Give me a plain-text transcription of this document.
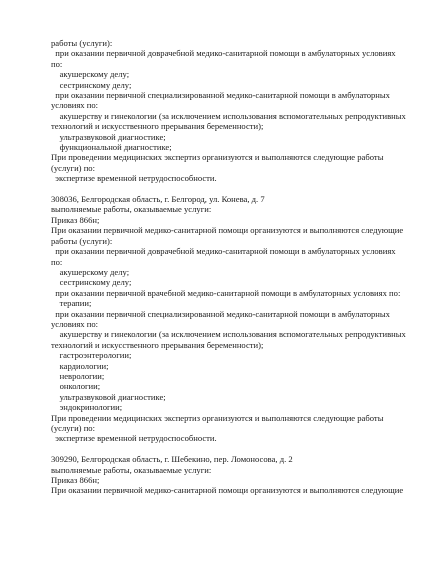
работы (услуги):
при оказании первичной доврачебной медико-санитарной помощи в амбулаторных условиях
по:
акушерскому делу;
сестринскому делу;
при оказании первичной специализированной медико-санитарной помощи в амбулаторных
условиях по:
акушерству и гинекологии (за исключением использования вспомогательных репродуктивных
технологий и искусственного прерывания беременности);
ультразвуковой диагностике;
функциональной диагностике;
При проведении медицинских экспертиз организуются и выполняются следующие работы
(услуги) по:
экспертизе временной нетрудоспособности.
308036, Белгородская область, г. Белгород, ул. Конева, д. 7
выполняемые работы, оказываемые услуги:
Приказ 866н;
При оказании первичной медико-санитарной помощи организуются и выполняются следующие
работы (услуги):
при оказании первичной доврачебной медико-санитарной помощи в амбулаторных условиях
по:
акушерскому делу;
сестринскому делу;
при оказании первичной врачебной медико-санитарной помощи в амбулаторных условиях по:
терапии;
при оказании первичной специализированной медико-санитарной помощи в амбулаторных
условиях по:
акушерству и гинекологии (за исключением использования вспомогательных репродуктивных
технологий и искусственного прерывания беременности);
гастроэнтерологии;
кардиологии;
неврологии;
онкологии;
ультразвуковой диагностике;
эндокринологии;
При проведении медицинских экспертиз организуются и выполняются следующие работы
(услуги) по:
экспертизе временной нетрудоспособности.
309290, Белгородская область, г. Шебекино, пер. Ломоносова, д. 2
выполняемые работы, оказываемые услуги:
Приказ 866н;
При оказании первичной медико-санитарной помощи организуются и выполняются следующие
